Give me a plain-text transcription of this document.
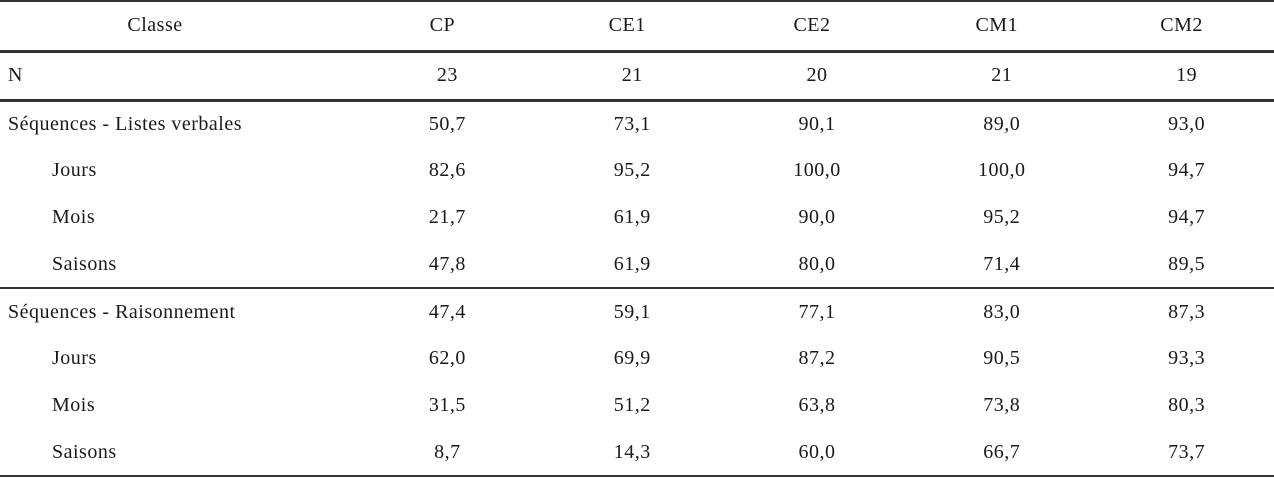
Classe	CP	CE1	CE2	CM1	CM2
N	23	21	20	21	19
Séquences - Listes verbales	50,7	73,1	90,1	89,0	93,0
Jours	82,6	95,2	100,0	100,0	94,7
Mois	21,7	61,9	90,0	95,2	94,7
Saisons	47,8	61,9	80,0	71,4	89,5
Séquences - Raisonnement	47,4	59,1	77,1	83,0	87,3
Jours	62,0	69,9	87,2	90,5	93,3
Mois	31,5	51,2	63,8	73,8	80,3
Saisons	8,7	14,3	60,0	66,7	73,7
